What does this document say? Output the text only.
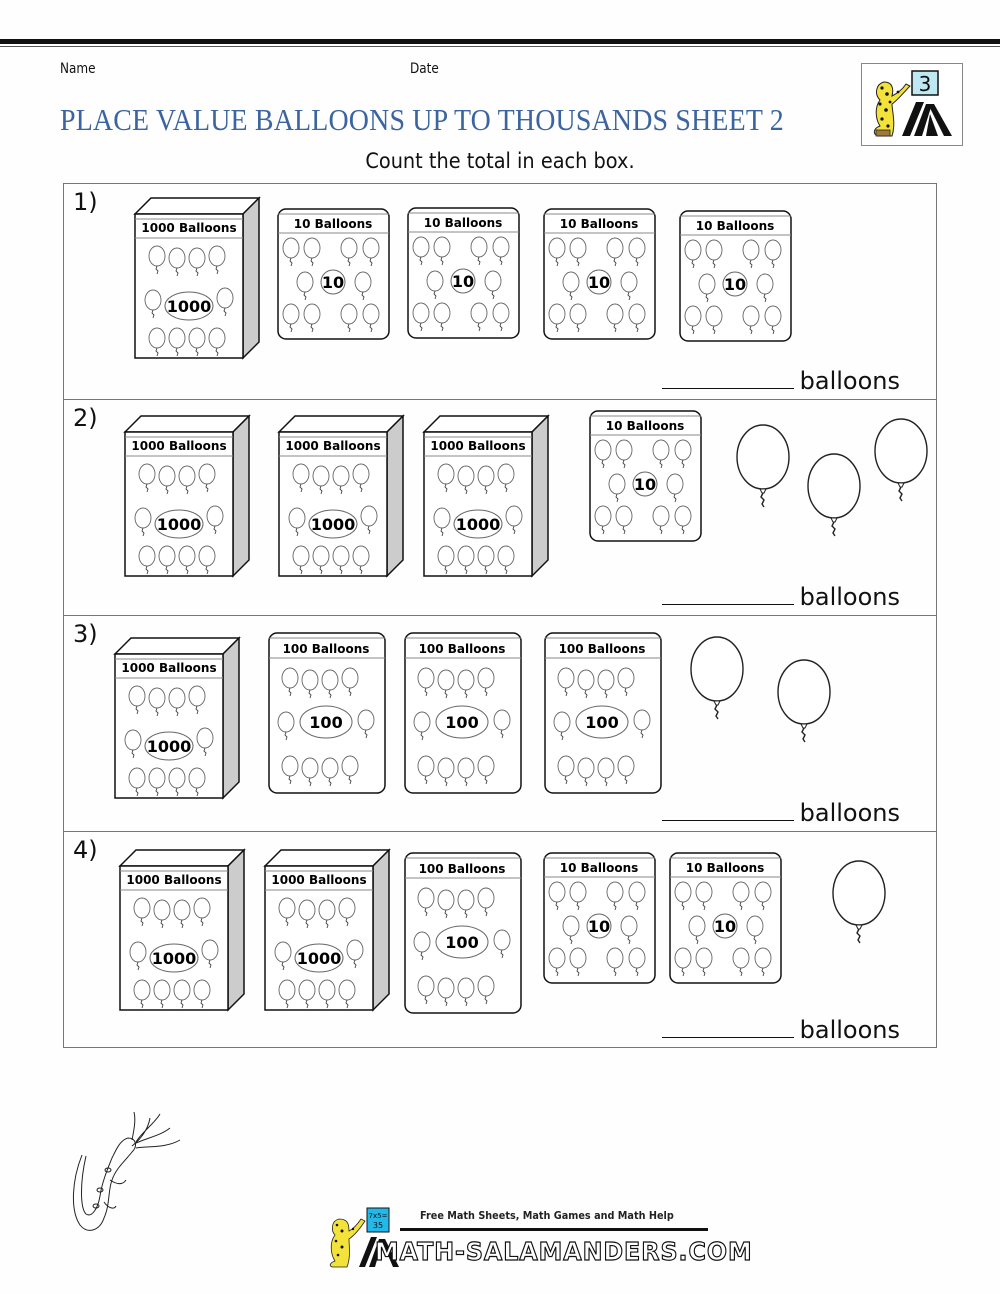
Name	Date
PLACE VALUE BALLOONS UP TO THOUSANDS SHEET 2
3
Count the total in each box.
1)
1000 Balloons
1000
10 Balloons
10
10 Balloons
10
10 Balloons
10
10 Balloons
10
balloons
2)
1000 Balloons
1000
1000 Balloons
1000
1000 Balloons
1000
10 Balloons
10
balloons
3)
1000 Balloons
1000
100 Balloons
100
100 Balloons
100
100 Balloons
100
balloons
4)
1000 Balloons
1000
1000 Balloons
1000
100 Balloons
100
10 Balloons
10
10 Balloons
10
balloons
7x5=
35
Free Math Sheets, Math Games and Math Help
MATH-SALAMANDERS.COM
